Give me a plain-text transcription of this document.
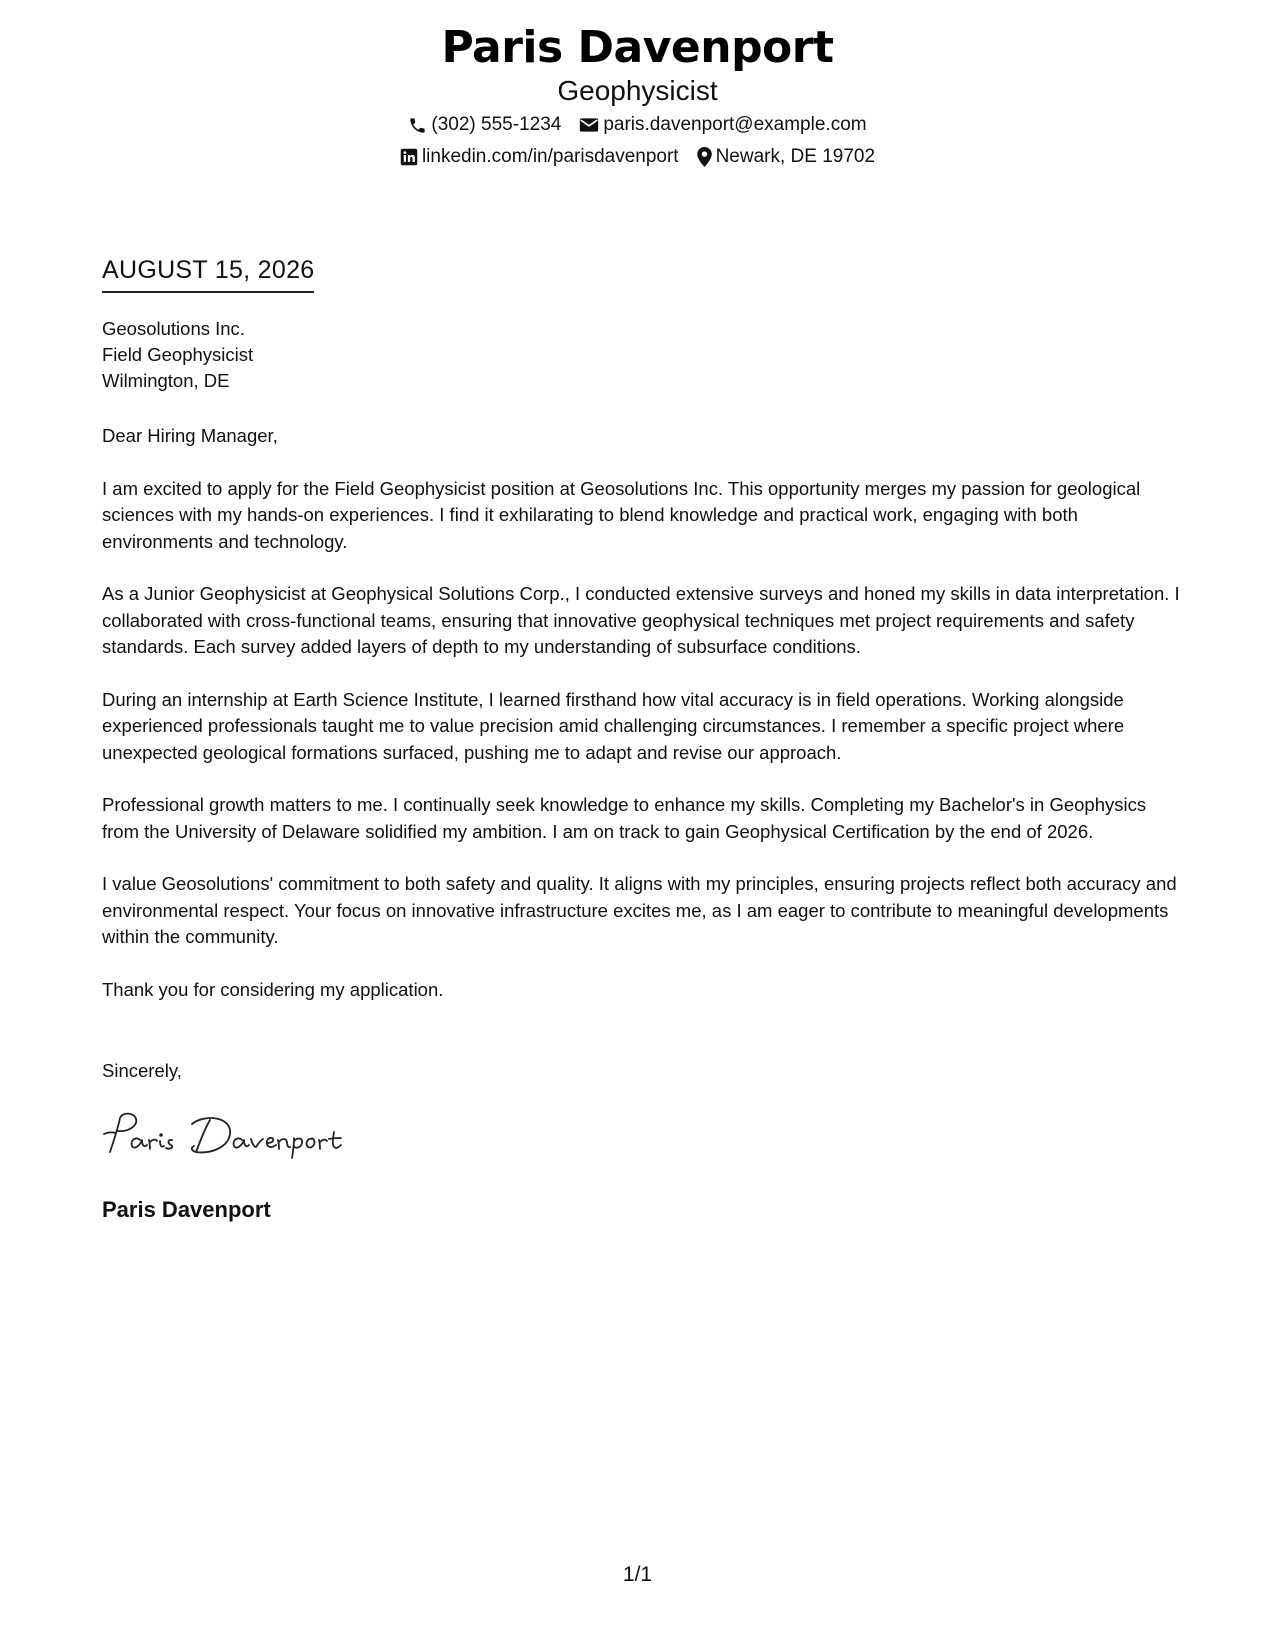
Paris Davenport
Geophysicist
(302) 555-1234 paris.davenport@example.com
linkedin.com/in/parisdavenport Newark, DE 19702
AUGUST 15, 2026
Geosolutions Inc.
Field Geophysicist
Wilmington, DE

Dear Hiring Manager,

I am excited to apply for the Field Geophysicist position at Geosolutions Inc. This opportunity merges my passion for geological sciences with my hands-on experiences. I find it exhilarating to blend knowledge and practical work, engaging with both environments and technology.

As a Junior Geophysicist at Geophysical Solutions Corp., I conducted extensive surveys and honed my skills in data interpretation. I collaborated with cross-functional teams, ensuring that innovative geophysical techniques met project requirements and safety standards. Each survey added layers of depth to my understanding of subsurface conditions.

During an internship at Earth Science Institute, I learned firsthand how vital accuracy is in field operations. Working alongside experienced professionals taught me to value precision amid challenging circumstances. I remember a specific project where unexpected geological formations surfaced, pushing me to adapt and revise our approach.

Professional growth matters to me. I continually seek knowledge to enhance my skills. Completing my Bachelor's in Geophysics from the University of Delaware solidified my ambition. I am on track to gain Geophysical Certification by the end of 2026.

I value Geosolutions' commitment to both safety and quality. It aligns with my principles, ensuring projects reflect both accuracy and environmental respect. Your focus on innovative infrastructure excites me, as I am eager to contribute to meaningful developments within the community.

Thank you for considering my application.

Sincerely,
Paris Davenport
1/1
